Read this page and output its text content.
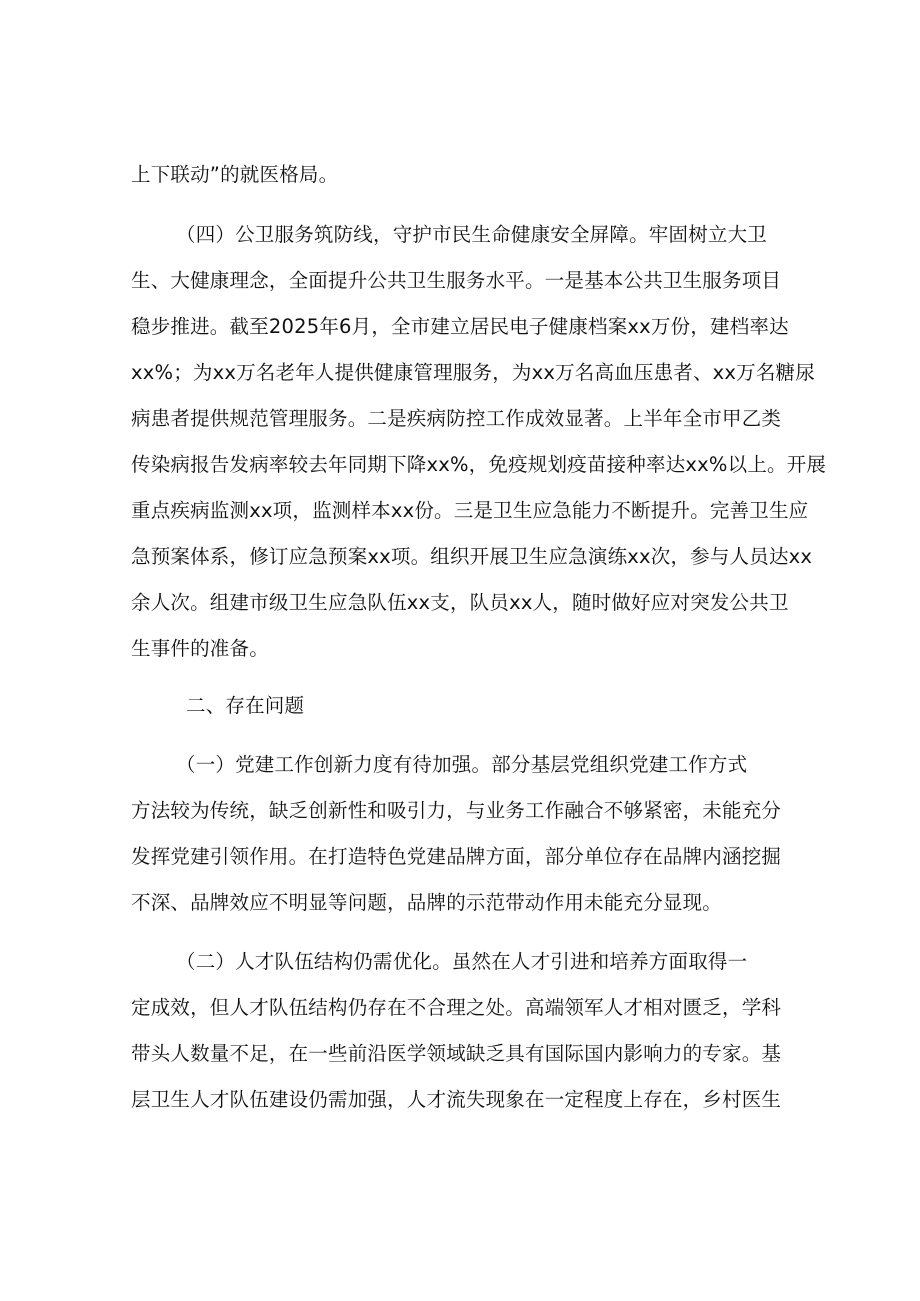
上下联动”的就医格局。
（四）公卫服务筑防线，守护市民生命健康安全屏障。牢固树立大卫
生、大健康理念，全面提升公共卫生服务水平。一是基本公共卫生服务项目
稳步推进。截至2025年6月，全市建立居民电子健康档案xx万份，建档率达
xx%；为xx万名老年人提供健康管理服务，为xx万名高血压患者、xx万名糖尿
病患者提供规范管理服务。二是疾病防控工作成效显著。上半年全市甲乙类
传染病报告发病率较去年同期下降xx%，免疫规划疫苗接种率达xx%以上。开展
重点疾病监测xx项，监测样本xx份。三是卫生应急能力不断提升。完善卫生应
急预案体系，修订应急预案xx项。组织开展卫生应急演练xx次，参与人员达xx
余人次。组建市级卫生应急队伍xx支，队员xx人，随时做好应对突发公共卫
生事件的准备。
二、存在问题
（一）党建工作创新力度有待加强。部分基层党组织党建工作方式
方法较为传统，缺乏创新性和吸引力，与业务工作融合不够紧密，未能充分
发挥党建引领作用。在打造特色党建品牌方面，部分单位存在品牌内涵挖掘
不深、品牌效应不明显等问题，品牌的示范带动作用未能充分显现。
（二）人才队伍结构仍需优化。虽然在人才引进和培养方面取得一
定成效，但人才队伍结构仍存在不合理之处。高端领军人才相对匮乏，学科
带头人数量不足，在一些前沿医学领域缺乏具有国际国内影响力的专家。基
层卫生人才队伍建设仍需加强，人才流失现象在一定程度上存在，乡村医生
